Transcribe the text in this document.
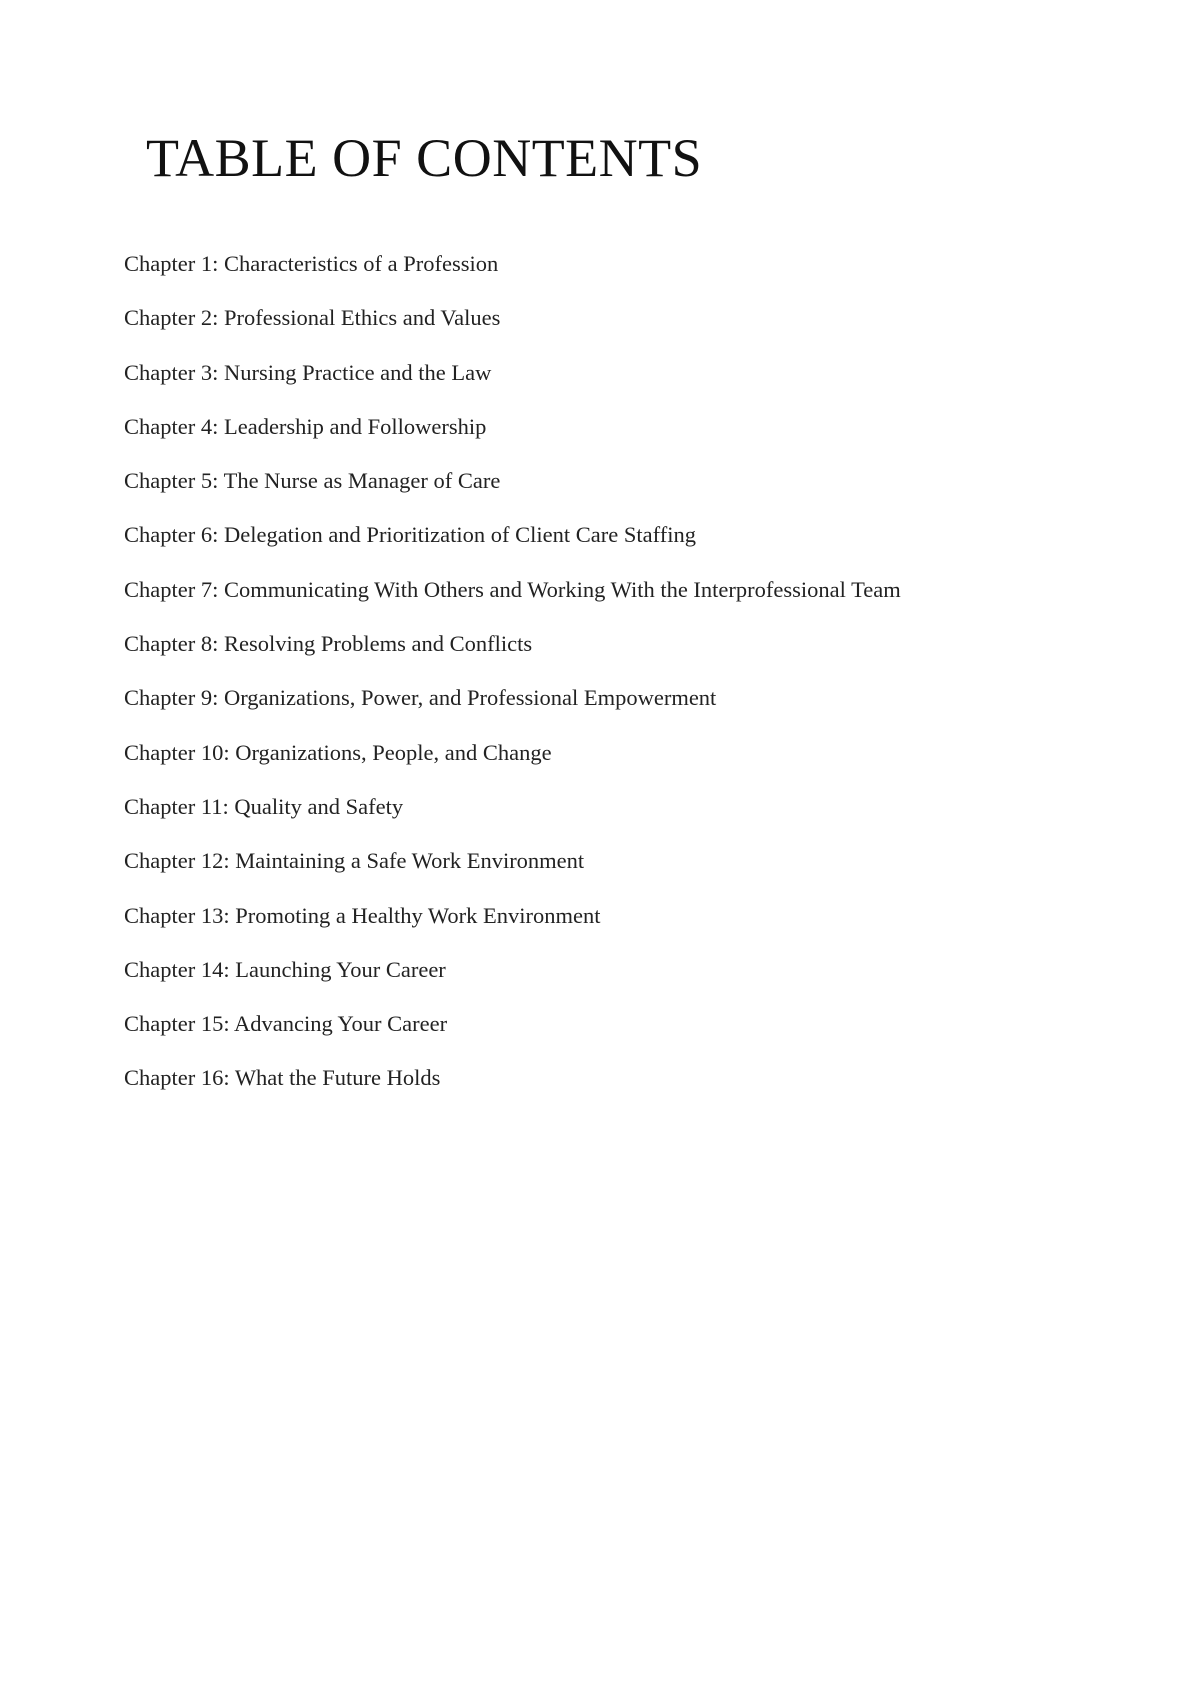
TABLE OF CONTENTS
Chapter 1: Characteristics of a Profession
Chapter 2: Professional Ethics and Values
Chapter 3: Nursing Practice and the Law
Chapter 4: Leadership and Followership
Chapter 5: The Nurse as Manager of Care
Chapter 6: Delegation and Prioritization of Client Care Staffing
Chapter 7: Communicating With Others and Working With the Interprofessional Team
Chapter 8: Resolving Problems and Conflicts
Chapter 9: Organizations, Power, and Professional Empowerment
Chapter 10: Organizations, People, and Change
Chapter 11: Quality and Safety
Chapter 12: Maintaining a Safe Work Environment
Chapter 13: Promoting a Healthy Work Environment
Chapter 14: Launching Your Career
Chapter 15: Advancing Your Career
Chapter 16: What the Future Holds
